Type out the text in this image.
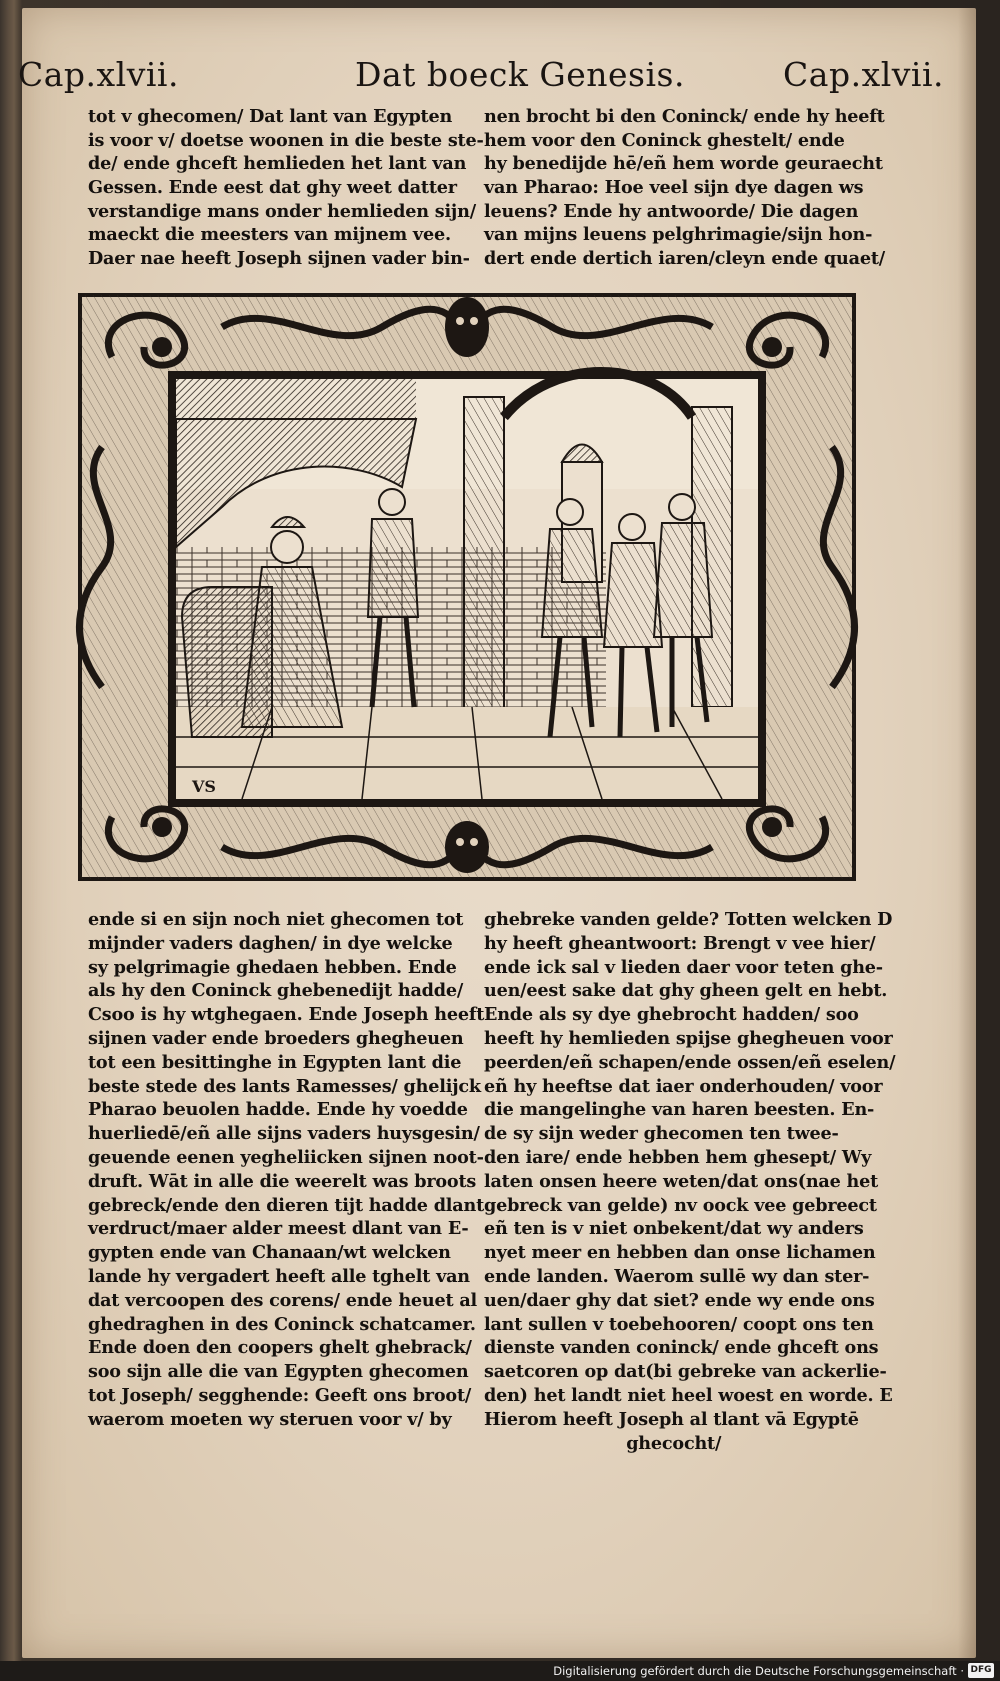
Cap.xlvii.	Dat boeck Genesis.	Cap.xlvii.
tot v ghecomen/ Dat lant van Egypten
is voor v/ doetse woonen in die beste ste-
de/ ende ghceft hemlieden het lant van
Gessen. Ende eest dat ghy weet datter
verstandige mans onder hemlieden sijn/
maeckt die meesters van mijnem vee.
Daer nae heeft Joseph sijnen vader bin-
nen brocht bi den Coninck/ ende hy heeft
hem voor den Coninck ghestelt/ ende
hy benedijde hē/eñ hem worde geuraecht
van Pharao: Hoe veel sijn dye dagen ws
leuens? Ende hy antwoorde/ Die dagen
van mijns leuens pelghrimagie/sijn hon-
dert ende dertich iaren/cleyn ende quaet/
VS
ende si en sijn noch niet ghecomen tot
mijnder vaders daghen/ in dye welcke
sy pelgrimagie ghedaen hebben. Ende
als hy den Coninck ghebenedijt hadde/
Csoo is hy wtghegaen. Ende Joseph heeft
sijnen vader ende broeders ghegheuen
tot een besittinghe in Egypten lant die
beste stede des lants Ramesses/ ghelijck
Pharao beuolen hadde. Ende hy voedde
huerliedē/eñ alle sijns vaders huysgesin/
geuende eenen yegheliicken sijnen noot-
druft. Wāt in alle die weerelt was broots
gebreck/ende den dieren tijt hadde dlant
verdruct/maer alder meest dlant van E-
gypten ende van Chanaan/wt welcken
lande hy vergadert heeft alle tghelt van
dat vercoopen des corens/ ende heuet al
ghedraghen in des Coninck schatcamer.
Ende doen den coopers ghelt ghebrack/
soo sijn alle die van Egypten ghecomen
tot Joseph/ segghende: Geeft ons broot/
waerom moeten wy steruen voor v/ by
ghebreke vanden gelde? Totten welcken D
hy heeft gheantwoort: Brengt v vee hier/
ende ick sal v lieden daer voor teten ghe-
uen/eest sake dat ghy gheen gelt en hebt.
Ende als sy dye ghebrocht hadden/ soo
heeft hy hemlieden spijse ghegheuen voor
peerden/eñ schapen/ende ossen/eñ eselen/
eñ hy heeftse dat iaer onderhouden/ voor
die mangelinghe van haren beesten. En-
de sy sijn weder ghecomen ten twee-
den iare/ ende hebben hem ghesept/ Wy
laten onsen heere weten/dat ons(nae het
gebreck van gelde) nv oock vee gebreect
eñ ten is v niet onbekent/dat wy anders
nyet meer en hebben dan onse lichamen
ende landen. Waerom sullē wy dan ster-
uen/daer ghy dat siet? ende wy ende ons
lant sullen v toebehooren/ coopt ons ten
dienste vanden coninck/ ende ghceft ons
saetcoren op dat(bi gebreke van ackerlie-
den) het landt niet heel woest en worde. E
Hierom heeft Joseph al tlant vā Egyptē
ghecocht/
Digitalisierung gefördert durch die Deutsche Forschungsgemeinschaft · DFG
